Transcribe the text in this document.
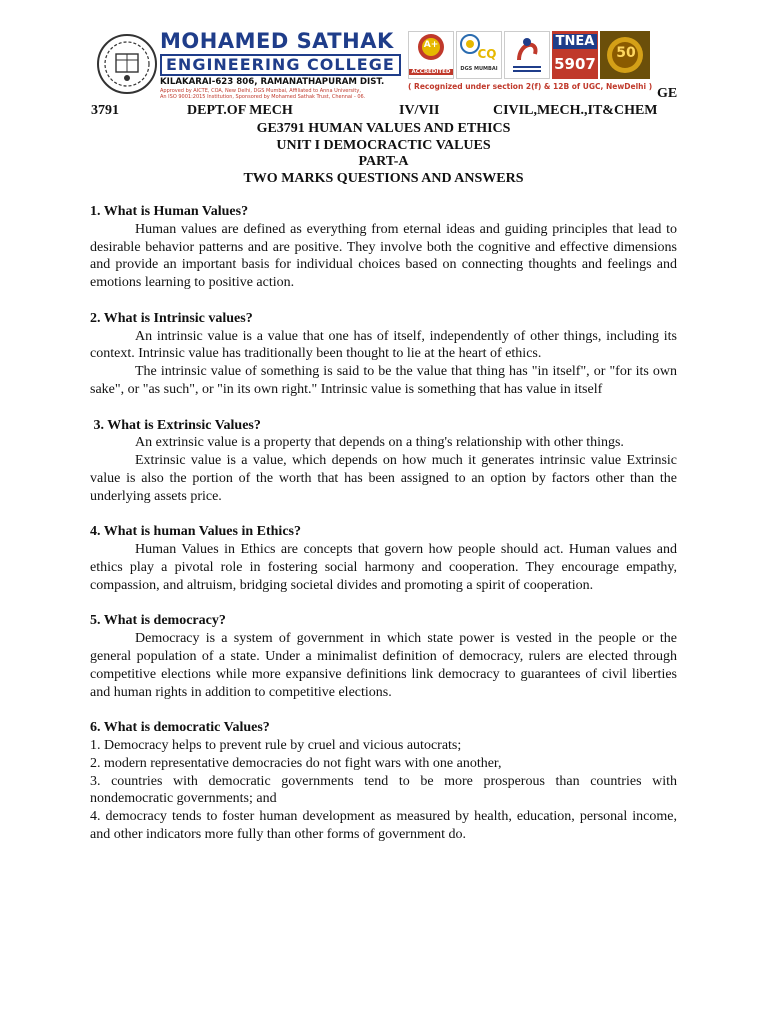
MOHAMED SATHAK
ENGINEERING COLLEGE
KILAKARAI-623 806, RAMANATHAPURAM DIST.
Approved by AICTE, COA, New Delhi, DGS Mumbai, Affiliated to Anna University,
An ISO 9001:2015 Institution, Sponsored by Mohamed Sathak Trust, Chennai - 06.
A+
ACCREDITED
CQ
DGS MUMBAI
TNEA
5907
50
( Recognized under section 2(f) & 12B of UGC, NewDelhi ) GE
3791	DEPT.OF MECH	IV/VII	CIVIL,MECH.,IT&CHEM
GE3791 HUMAN VALUES AND ETHICS
UNIT I DEMOCRACTIC VALUES
PART-A
TWO MARKS QUESTIONS AND ANSWERS

1. What is Human Values?

Human values are defined as everything from eternal ideas and guiding principles that lead to desirable behavior patterns and are positive. They involve both the cognitive and effective dimensions and provide an important basis for individual choices based on connecting thoughts and feelings and emotions learning to positive action.

2. What is Intrinsic values?

An intrinsic value is a value that one has of itself, independently of other things, including its context. Intrinsic value has traditionally been thought to lie at the heart of ethics.

The intrinsic value of something is said to be the value that thing has "in itself", or "for its own sake", or "as such", or "in its own right." Intrinsic value is something that has value in itself

3. What is Extrinsic Values?

An extrinsic value is a property that depends on a thing's relationship with other things.

Extrinsic value is a value, which depends on how much it generates intrinsic value Extrinsic value is also the portion of the worth that has been assigned to an option by factors other than the underlying assets price.

4. What is human Values in Ethics?

Human Values in Ethics are concepts that govern how people should act. Human values and ethics play a pivotal role in fostering social harmony and cooperation. They encourage empathy, compassion, and altruism, bridging societal divides and promoting a spirit of cooperation.

5. What is democracy?

Democracy is a system of government in which state power is vested in the people or the general population of a state. Under a minimalist definition of democracy, rulers are elected through competitive elections while more expansive definitions link democracy to guarantees of civil liberties and human rights in addition to competitive elections.

6. What is democratic Values?

1. Democracy helps to prevent rule by cruel and vicious autocrats;

2. modern representative democracies do not fight wars with one another,

3. countries with democratic governments tend to be more prosperous than countries with nondemocratic governments; and

4. democracy tends to foster human development as measured by health, education, personal income, and other indicators more fully than other forms of government do.
